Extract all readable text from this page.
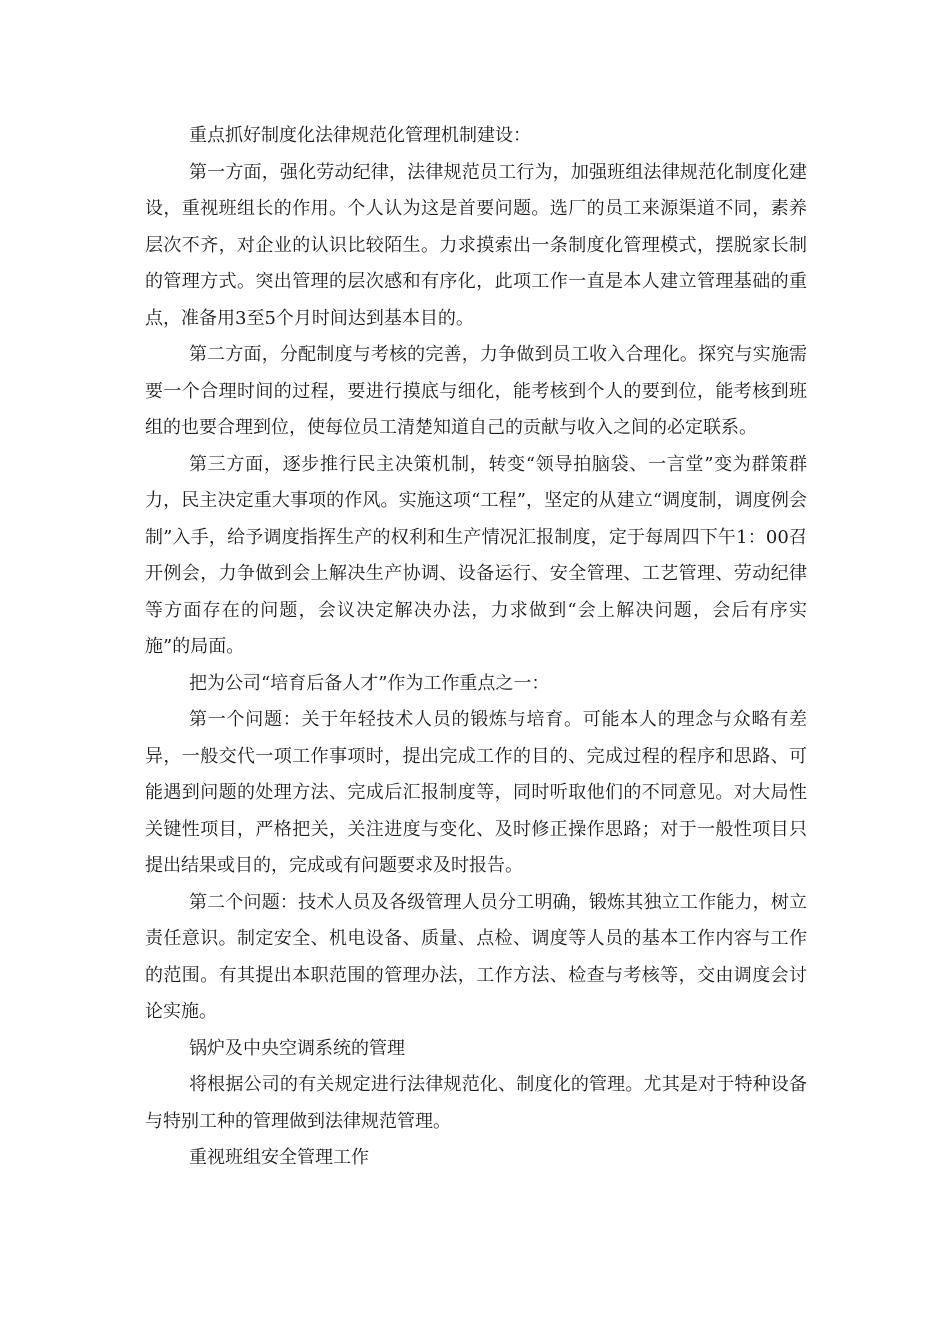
重点抓好制度化法律规范化管理机制建设：

第一方面，强化劳动纪律，法律规范员工行为，加强班组法律规范化制度化建设，重视班组长的作用。个人认为这是首要问题。选厂的员工来源渠道不同，素养层次不齐，对企业的认识比较陌生。力求摸索出一条制度化管理模式，摆脱家长制的管理方式。突出管理的层次感和有序化，此项工作一直是本人建立管理基础的重点，准备用3至5个月时间达到基本目的。

第二方面，分配制度与考核的完善，力争做到员工收入合理化。探究与实施需要一个合理时间的过程，要进行摸底与细化，能考核到个人的要到位，能考核到班组的也要合理到位，使每位员工清楚知道自己的贡献与收入之间的必定联系。

第三方面，逐步推行民主决策机制，转变“领导拍脑袋、一言堂”变为群策群力，民主决定重大事项的作风。实施这项“工程”，坚定的从建立“调度制，调度例会制”入手，给予调度指挥生产的权利和生产情况汇报制度，定于每周四下午1：00召开例会，力争做到会上解决生产协调、设备运行、安全管理、工艺管理、劳动纪律等方面存在的问题，会议决定解决办法，力求做到“会上解决问题，会后有序实施”的局面。

把为公司“培育后备人才”作为工作重点之一：

第一个问题：关于年轻技术人员的锻炼与培育。可能本人的理念与众略有差异，一般交代一项工作事项时，提出完成工作的目的、完成过程的程序和思路、可能遇到问题的处理方法、完成后汇报制度等，同时听取他们的不同意见。对大局性关键性项目，严格把关，关注进度与变化、及时修正操作思路；对于一般性项目只提出结果或目的，完成或有问题要求及时报告。

第二个问题：技术人员及各级管理人员分工明确，锻炼其独立工作能力，树立责任意识。制定安全、机电设备、质量、点检、调度等人员的基本工作内容与工作的范围。有其提出本职范围的管理办法，工作方法、检查与考核等，交由调度会讨论实施。

锅炉及中央空调系统的管理

将根据公司的有关规定进行法律规范化、制度化的管理。尤其是对于特种设备与特别工种的管理做到法律规范管理。

重视班组安全管理工作
